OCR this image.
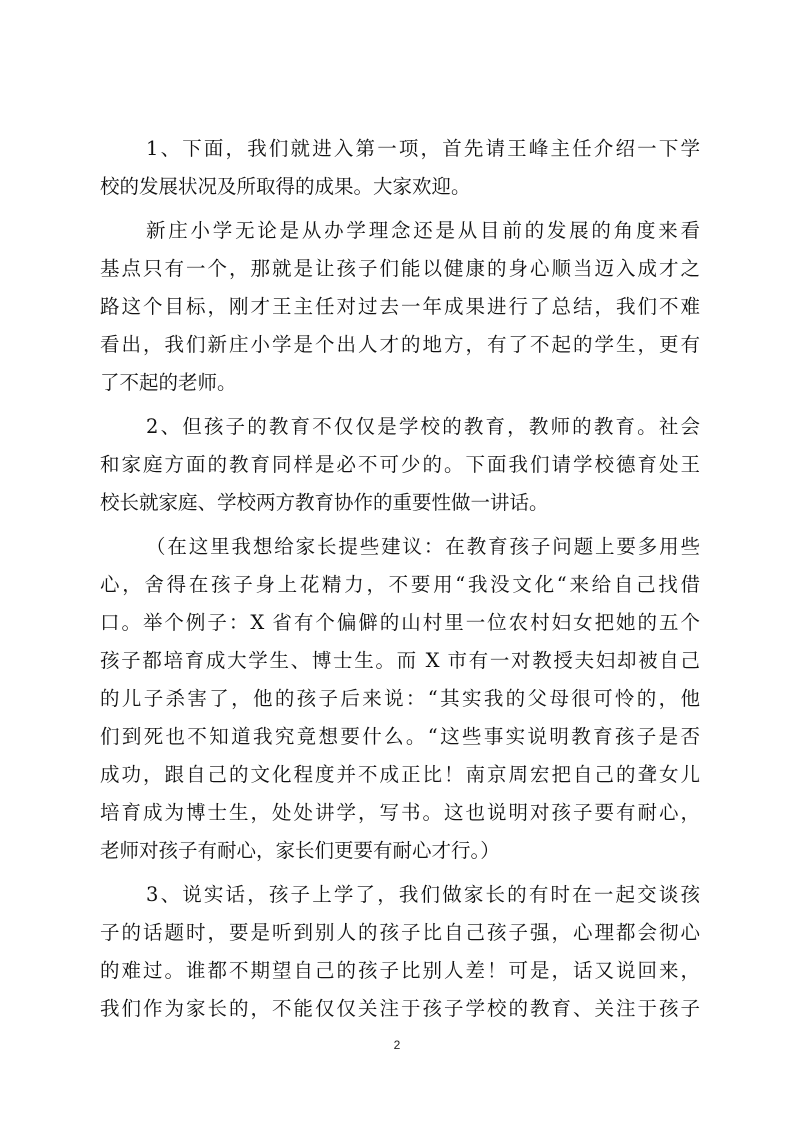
1、下面，我们就进入第一项，首先请王峰主任介绍一下学
校的发展状况及所取得的成果。大家欢迎。
新庄小学无论是从办学理念还是从目前的发展的角度来看
基点只有一个，那就是让孩子们能以健康的身心顺当迈入成才之
路这个目标，刚才王主任对过去一年成果进行了总结，我们不难
看出，我们新庄小学是个出人才的地方，有了不起的学生，更有
了不起的老师。
2、但孩子的教育不仅仅是学校的教育，教师的教育。社会
和家庭方面的教育同样是必不可少的。下面我们请学校德育处王
校长就家庭、学校两方教育协作的重要性做一讲话。
（在这里我想给家长提些建议：在教育孩子问题上要多用些
心，舍得在孩子身上花精力，不要用“我没文化“来给自己找借
口。举个例子：X 省有个偏僻的山村里一位农村妇女把她的五个
孩子都培育成大学生、博士生。而 X 市有一对教授夫妇却被自己
的儿子杀害了，他的孩子后来说：“其实我的父母很可怜的，他
们到死也不知道我究竟想要什么。“这些事实说明教育孩子是否
成功，跟自己的文化程度并不成正比！南京周宏把自己的聋女儿
培育成为博士生，处处讲学，写书。这也说明对孩子要有耐心，
老师对孩子有耐心，家长们更要有耐心才行。）
3、说实话，孩子上学了，我们做家长的有时在一起交谈孩
子的话题时，要是听到别人的孩子比自己孩子强，心理都会彻心
的难过。谁都不期望自己的孩子比别人差！可是，话又说回来，
我们作为家长的，不能仅仅关注于孩子学校的教育、关注于孩子
2
